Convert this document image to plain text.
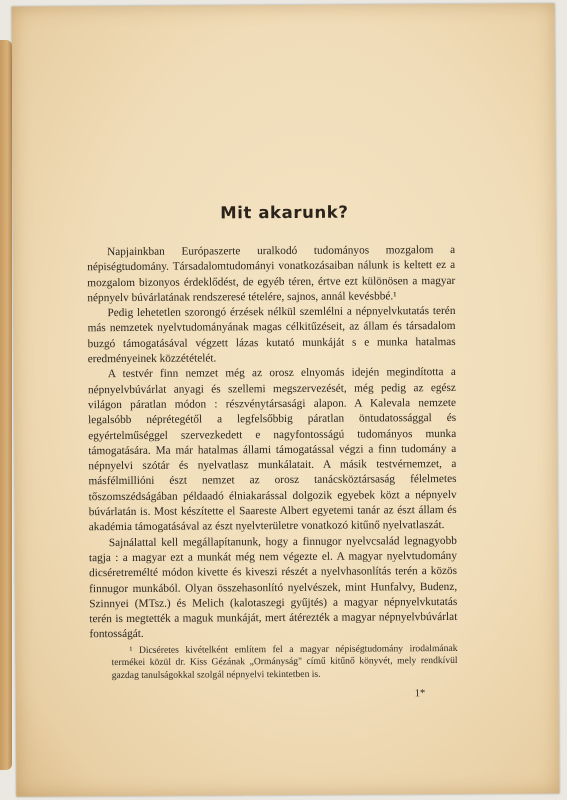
Mit akarunk?

Napjainkban Európaszerte uralkodó tudományos mozgalom a népiségtudomány. Társadalomtudományi vonatkozásaiban nálunk is keltett ez a mozgalom bizonyos érdeklődést, de egyéb téren, értve ezt különösen a magyar népnyelv búvárlatának rendszeresé tételére, sajnos, annál kevésbbé.¹

Pedig lehetetlen szorongó érzések nélkül szemlélni a népnyelvkutatás terén más nemzetek nyelvtudományának magas célkitűzéseit, az állam és társadalom buzgó támogatásával végzett lázas kutató munkáját s e munka hatalmas eredményeinek közzétételét.

A testvér finn nemzet még az orosz elnyomás idején megindította a népnyelvbúvárlat anyagi és szellemi megszervezését, még pedig az egész világon páratlan módon : részvénytársasági alapon. A Kalevala nemzete legalsóbb néprétegétől a legfelsőbbig páratlan öntudatossággal és egyértelműséggel szervezkedett e nagyfontosságú tudományos munka támogatására. Ma már hatalmas állami támogatással végzi a finn tudomány a népnyelvi szótár és nyelvatlasz munkálatait. A másik testvérnemzet, a másfélmillióni észt nemzet az orosz tanácsköztársaság félelmetes tőszomszédságában példaadó élniakarással dolgozik egyebek közt a népnyelv búvárlatán is. Most készítette el Saareste Albert egyetemi tanár az észt állam és akadémia támogatásával az észt nyelvterületre vonatkozó kitűnő nyelvatlaszát.

Sajnálattal kell megállapítanunk, hogy a finnugor nyelvcsalád legnagyobb tagja : a magyar ezt a munkát még nem végezte el. A magyar nyelvtudomány dicséretremélté módon kivette és kiveszi részét a nyelvhasonlítás terén a közös finnugor munkából. Olyan összehasonlító nyelvészek, mint Hunfalvy, Budenz, Szinnyei (MTsz.) és Melich (kalotaszegi gyűjtés) a magyar népnyelvkutatás terén is megtették a maguk munkáját, mert átérezték a magyar népnyelvbúvárlat fontosságát.

¹ Dicséretes kivételként említem fel a magyar népiségtudomány irodalmának termékei közül dr. Kiss Gézának „Ormányság" című kitűnő könyvét, mely rendkívül gazdag tanulságokkal szolgál népnyelvi tekintetben is.

1*
